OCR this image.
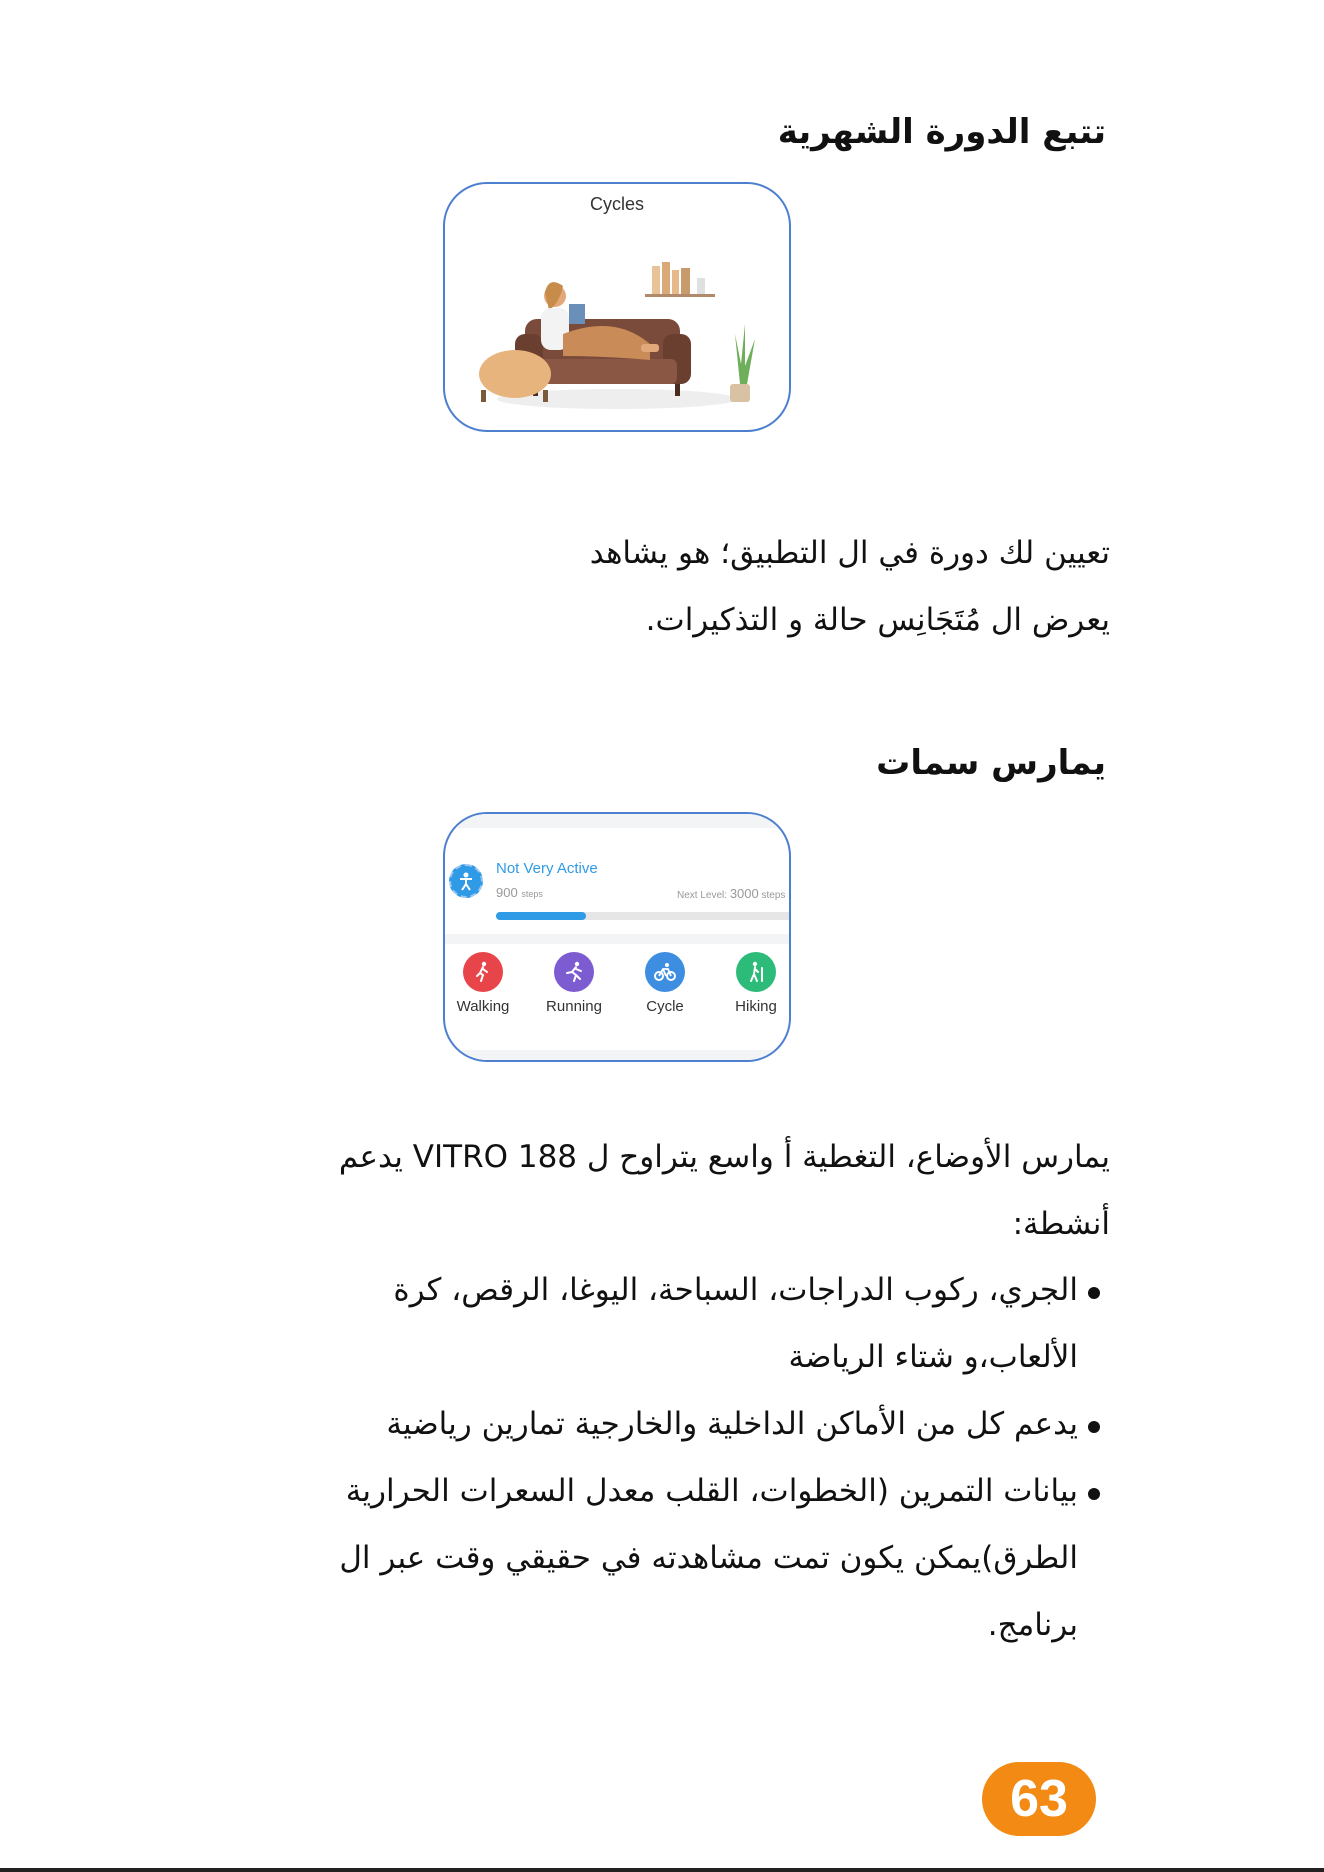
تتبع الدورة الشهرية
Cycles

تعيين لك دورة في ال التطبيق؛ هو يشاهد
يعرض ال مُتَجَانِس حالة و التذكيرات.

يمارس سمات
Not Very Active
900 steps	Next Level: 3000 steps
Walking	Running	Cycle	Hiking

يمارس الأوضاع، التغطية أ واسع يتراوح ل VITRO 188 يدعم
أنشطة:

الجري، ركوب الدراجات، السباحة، اليوغا، الرقص، كرة
الألعاب،و شتاء الرياضة
يدعم كل من الأماكن الداخلية والخارجية تمارين رياضية
بيانات التمرين (الخطوات، القلب معدل السعرات الحرارية
الطرق)يمكن يكون تمت مشاهدته في حقيقي وقت عبر ال
برنامج.
63
